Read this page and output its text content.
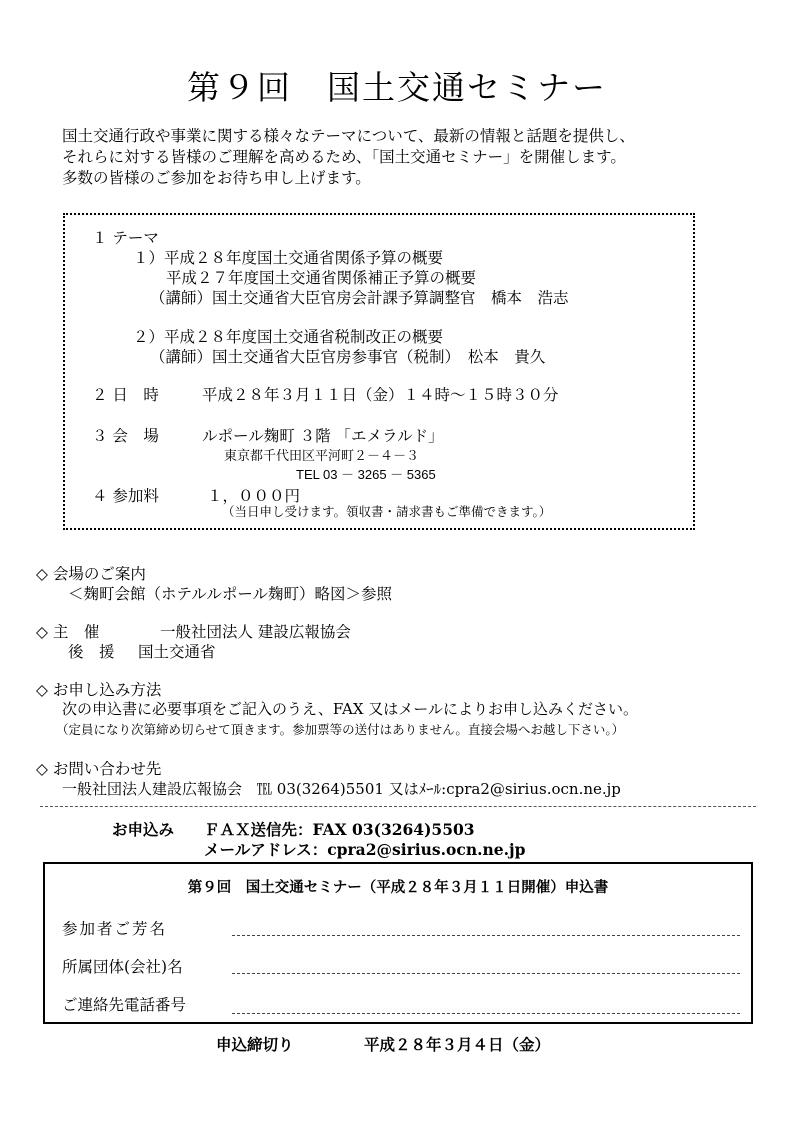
第９回　国土交通セミナー
国土交通行政や事業に関する様々なテーマについて、最新の情報と話題を提供し、
それらに対する皆様のご理解を高めるため、「国土交通セミナー」を開催します。
多数の皆様のご参加をお待ち申し上げます。
１ テーマ
１）平成２８年度国土交通省関係予算の概要
平成２７年度国土交通省関係補正予算の概要
（講師）国土交通省大臣官房会計課予算調整官　橋本　浩志
２）平成２８年度国土交通省税制改正の概要
（講師）国土交通省大臣官房参事官（税制）　松本　貴久
２ 日　時	平成２８年３月１１日（金）１４時～１５時３０分
３ 会　場	ルポール麹町 ３階 「エメラルド」
東京都千代田区平河町２－４－３
TEL 03 － 3265 － 5365
４ 参加料	１，０００円
（当日申し受けます。領収書・請求書もご準備できます。）
◇ 会場のご案内
＜麹町会館（ホテルルポール麹町）略図＞参照
◇ 主　催	一般社団法人 建設広報協会
後　援 国土交通省
◇ お申し込み方法
次の申込書に必要事項をご記入のうえ、FAX 又はメールによりお申し込みください。
（定員になり次第締め切らせて頂きます。参加票等の送付はありません。直接会場へお越し下さい。）
◇ お問い合わせ先
一般社団法人建設広報協会　℡ 03(3264)5501 又はﾒｰﾙ:cpra2@sirius.ocn.ne.jp
お申込み ＦＡＸ送信先：FAX 03(3264)5503
メールアドレス：cpra2@sirius.ocn.ne.jp
第９回　国土交通セミナー（平成２８年３月１１日開催）申込書
参加者ご芳名
所属団体(会社)名
ご連絡先電話番号
申込締切り	平成２８年３月４日（金）
